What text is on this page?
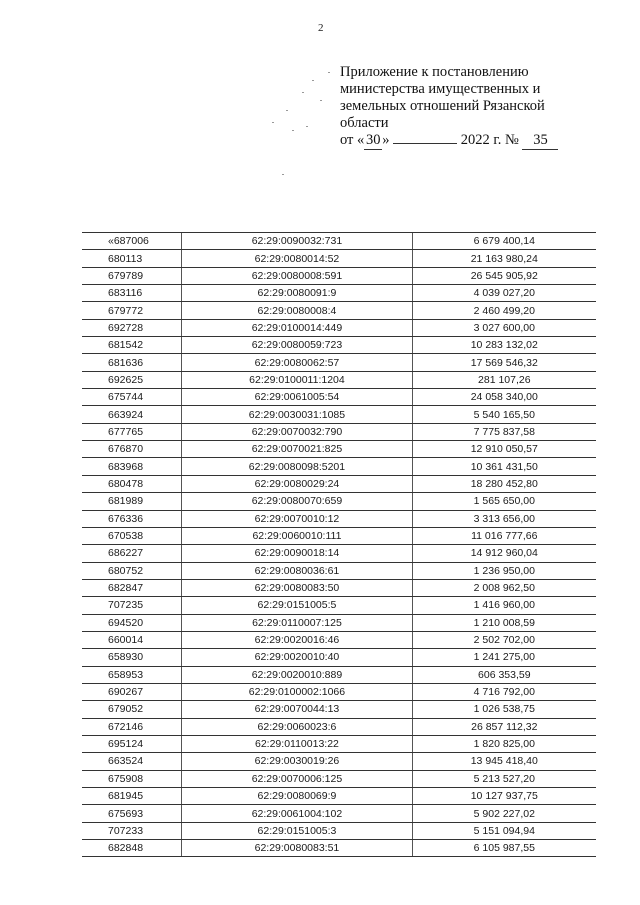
2
Приложение к постановлению
министерства имущественных и
земельных отношений Рязанской
области
от « 30 »	2022 г. № 35
«687006	62:29:0090032:731	6 679 400,14
680113	62:29:0080014:52	21 163 980,24
679789	62:29:0080008:591	26 545 905,92
683116	62:29:0080091:9	4 039 027,20
679772	62:29:0080008:4	2 460 499,20
692728	62:29:0100014:449	3 027 600,00
681542	62:29:0080059:723	10 283 132,02
681636	62:29:0080062:57	17 569 546,32
692625	62:29:0100011:1204	281 107,26
675744	62:29:0061005:54	24 058 340,00
663924	62:29:0030031:1085	5 540 165,50
677765	62:29:0070032:790	7 775 837,58
676870	62:29:0070021:825	12 910 050,57
683968	62:29:0080098:5201	10 361 431,50
680478	62:29:0080029:24	18 280 452,80
681989	62:29:0080070:659	1 565 650,00
676336	62:29:0070010:12	3 313 656,00
670538	62:29:0060010:111	11 016 777,66
686227	62:29:0090018:14	14 912 960,04
680752	62:29:0080036:61	1 236 950,00
682847	62:29:0080083:50	2 008 962,50
707235	62:29:0151005:5	1 416 960,00
694520	62:29:0110007:125	1 210 008,59
660014	62:29:0020016:46	2 502 702,00
658930	62:29:0020010:40	1 241 275,00
658953	62:29:0020010:889	606 353,59
690267	62:29:0100002:1066	4 716 792,00
679052	62:29:0070044:13	1 026 538,75
672146	62:29:0060023:6	26 857 112,32
695124	62:29:0110013:22	1 820 825,00
663524	62:29:0030019:26	13 945 418,40
675908	62:29:0070006:125	5 213 527,20
681945	62:29:0080069:9	10 127 937,75
675693	62:29:0061004:102	5 902 227,02
707233	62:29:0151005:3	5 151 094,94
682848	62:29:0080083:51	6 105 987,55
